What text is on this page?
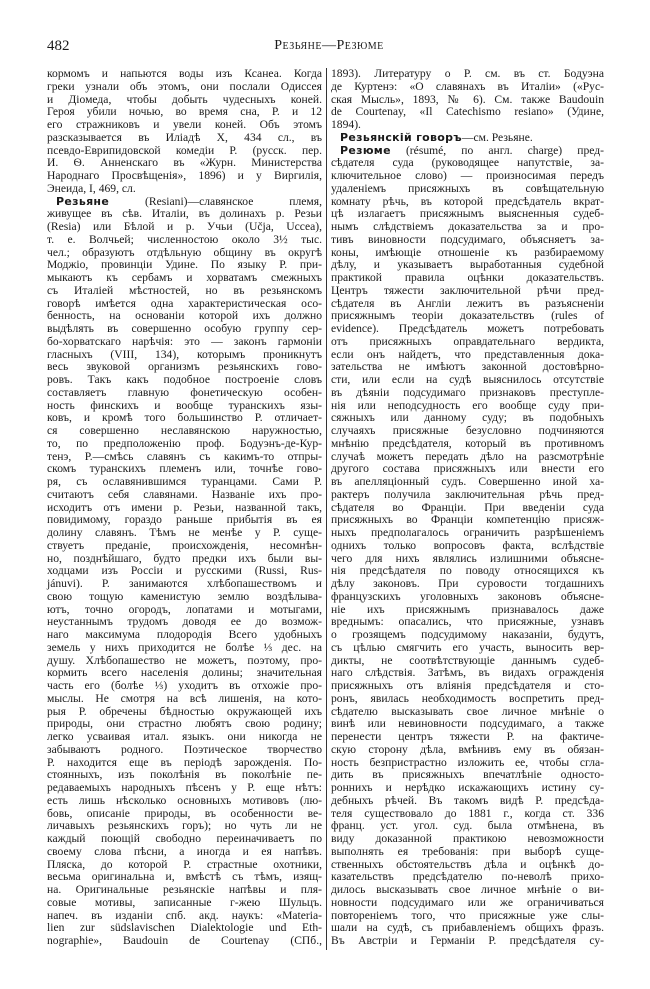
482	Резьяне—Резюме
кормомъ и напьются воды изъ Ксанеа. Когда
греки узнали объ этомъ, они послали Одиссея
и Діомеда, чтобы добыть чудесныхъ коней.
Героя убили ночью, во время сна, Р. и 12
его стражниковъ и увели коней. Объ этомъ
разсказывается въ Иліадѣ X, 434 сл., въ
псевдо-Еврипидовской комедіи Р. (русск. пер.
И. Ѳ. Анненскаго въ «Журн. Министерства
Народнаго Просвѣщенія», 1896) и у Виргилія,
Энеида, I, 469, сл.
Резьяне (Resiani)—славянское племя,
живущее въ сѣв. Италіи, въ долинахъ р. Резьи
(Resia) или Бѣлой и р. Учьи (Učja, Uccea),
т. е. Волчьей; численностою около 3½ тыс.
чел.; образуютъ отдѣльную общину въ округѣ
Моджіо, провинціи Удине. По языку Р. при-
мыкаютъ къ сербамъ и хорватамъ смежныхъ
съ Италіей мѣстностей, но въ резьянскомъ
говорѣ имѣется одна характеристическая осо-
бенность, на основаніи которой ихъ должно
выдѣлять въ совершенно особую группу сер-
бо-хорватскаго нарѣчія: это — законъ гармоніи
гласныхъ (VIII, 134), которымъ проникнутъ
весь звуковой организмъ резьянскихъ гово-
ровъ. Такъ какъ подобное построеніе словъ
составляетъ главную фонетическую особен-
ность финскихъ и вообще туранскихъ язы-
ковъ, и кромѣ того большинство Р. отличает-
ся совершенно неславянскою наружностью,
то, по предположенію проф. Бодуэнъ-де-Кур-
тенэ, Р.—смѣсь славянъ съ какимъ-то отпры-
скомъ туранскихъ племенъ или, точнѣе гово-
ря, съ ославянившимся туранцами. Сами Р.
считаютъ себя славянами. Названіе ихъ про-
исходитъ отъ имени р. Резьи, названной такъ,
повидимому, гораздо раньше прибытія въ ея
долину славянъ. Тѣмъ не менѣе у Р. суще-
ствуетъ преданіе, происхожденія, несомнѣн-
но, позднѣйшаго, будто предки ихъ были вы-
ходцами изъ Россіи и русскими (Russi, Rus-
jánuvi). Р. занимаются хлѣбопашествомъ и
свою тощую каменистую землю воздѣлыва-
ютъ, точно огородъ, лопатами и мотыгами,
неустаннымъ трудомъ доводя ее до возмож-
наго максимума плодородія Всего удобныхъ
земель у нихъ приходится не болѣе ⅓ дес. на
душу. Хлѣбопашество не можетъ, поэтому, про-
кормить всего населенія долины; значительная
часть его (болѣе ⅓) уходитъ въ отхожіе про-
мыслы. Не смотря на всѣ лишенія, на кото-
рыя Р. обречены бѣдностью окружающей ихъ
природы, они страстно любятъ свою родину;
легко усваивая итал. языкъ. они никогда не
забываютъ родного. Поэтическое творчество
Р. находится еще въ періодѣ зарожденія. По-
стоянныхъ, изъ поколѣнія въ поколѣніе пе-
редаваемыхъ народныхъ пѣсенъ у Р. еще нѣтъ:
есть лишь нѣсколько основныхъ мотивовъ (лю-
бовь, описаніе природы, въ особенности ве-
личавыхъ резьянскихъ горъ); но чуть ли не
каждый поющій свободно переиначиваетъ по
своему слова пѣсни, а иногда и ея напѣвъ.
Пляска, до которой Р. страстные охотники,
весьма оригинальна и, вмѣстѣ съ тѣмъ, изящ-
на. Оригинальные резьянскіе напѣвы и пля-
совые мотивы, записанные г-жею Шульцъ.
напеч. въ изданіи спб. акд. наукъ: «Materia-
lien zur südslavischen Dialektologie und Eth-
nographie», Baudouin de Courtenay (СПб.,
1893). Литературу о Р. см. въ ст. Бодуэна
де Куртенэ: «О славянахъ въ Италіи» («Рус-
ская Мысль», 1893, № 6). См. также Baudouin
de Courtenay, «Il Catechismo resiano» (Удине,
1894).
Резьянскій говоръ—см. Резьяне.
Резюме (résumé, по англ. charge) пред-
сѣдателя суда (руководящее напутствіе, за-
ключительное слово) — произносимая передъ
удаленіемъ присяжныхъ въ совѣщательную
комнату рѣчь, въ которой предсѣдатель вкрат-
цѣ излагаетъ присяжнымъ выясненныя судеб-
нымъ слѣдствіемъ доказательства за и про-
тивъ виновности подсудимаго, объясняетъ за-
коны, имѣющіе отношеніе къ разбираемому
дѣлу, и указываетъ выработанныя судебной
практикой правила оцѣнки доказательствъ.
Центръ тяжести заключительной рѣчи пред-
сѣдателя въ Англіи лежитъ въ разъясненіи
присяжнымъ теоріи доказательствъ (rules of
evidence). Предсѣдатель можетъ потребовать
отъ присяжныхъ оправдательнаго вердикта,
если онъ найдетъ, что представленныя дока-
зательства не имѣютъ законной достовѣрно-
сти, или если на судѣ выяснилось отсутствіе
въ дѣяніи подсудимаго признаковъ преступле-
нія или неподсудность его вообще суду при-
сяжныхъ или данному суду; въ подобныхъ
случаяхъ присяжные безусловно подчиняются
мнѣнію предсѣдателя, который въ противномъ
случаѣ можетъ передать дѣло на разсмотрѣніе
другого состава присяжныхъ или внести его
въ апелляціонный судъ. Совершенно иной ха-
рактеръ получила заключительная рѣчь пред-
сѣдателя во Франціи. При введеніи суда
присяжныхъ во Франціи компетенцію присяж-
ныхъ предполагалось ограничить разрѣшеніемъ
однихъ только вопросовъ факта, вслѣдствіе
чего для нихъ являлись излишними объясне-
нія предсѣдателя по поводу относящихся къ
дѣлу законовъ. При суровости тогдашнихъ
французскихъ уголовныхъ законовъ объясне-
ніе ихъ присяжнымъ признавалось даже
вреднымъ: опасались, что присяжные, узнавъ
о грозящемъ подсудимому наказаніи, будутъ,
съ цѣлью смягчить его участь, выносить вер-
дикты, не соотвѣтствующіе даннымъ судеб-
наго слѣдствія. Затѣмъ, въ видахъ огражденія
присяжныхъ отъ вліянія предсѣдателя и сто-
ронъ, явилась необходимость воспретить пред-
сѣдателю высказывать свое личное мнѣніе о
винѣ или невиновности подсудимаго, а также
перенести центръ тяжести Р. на фактиче-
скую сторону дѣла, вмѣнивъ ему въ обязан-
ность безпристрастно изложить ее, чтобы сгла-
дить въ присяжныхъ впечатлѣніе односто-
роннихъ и нерѣдко искажающихъ истину су-
дебныхъ рѣчей. Въ такомъ видѣ Р. предсѣда-
теля существовало до 1881 г., когда ст. 336
франц. уст. угол. суд. была отмѣнена, въ
виду доказанной практикою невозможности
выполнять ея требованія: при выборѣ суще-
ственныхъ обстоятельствъ дѣла и оцѣнкѣ до-
казательствъ предсѣдателю по-неволѣ прихо-
дилось высказывать свое личное мнѣніе о ви-
новности подсудимаго или же ограничиваться
повтореніемъ того, что присяжные уже слы-
шали на судѣ, съ прибавленіемъ общихъ фразъ.
Въ Австріи и Германіи Р. предсѣдателя су-
